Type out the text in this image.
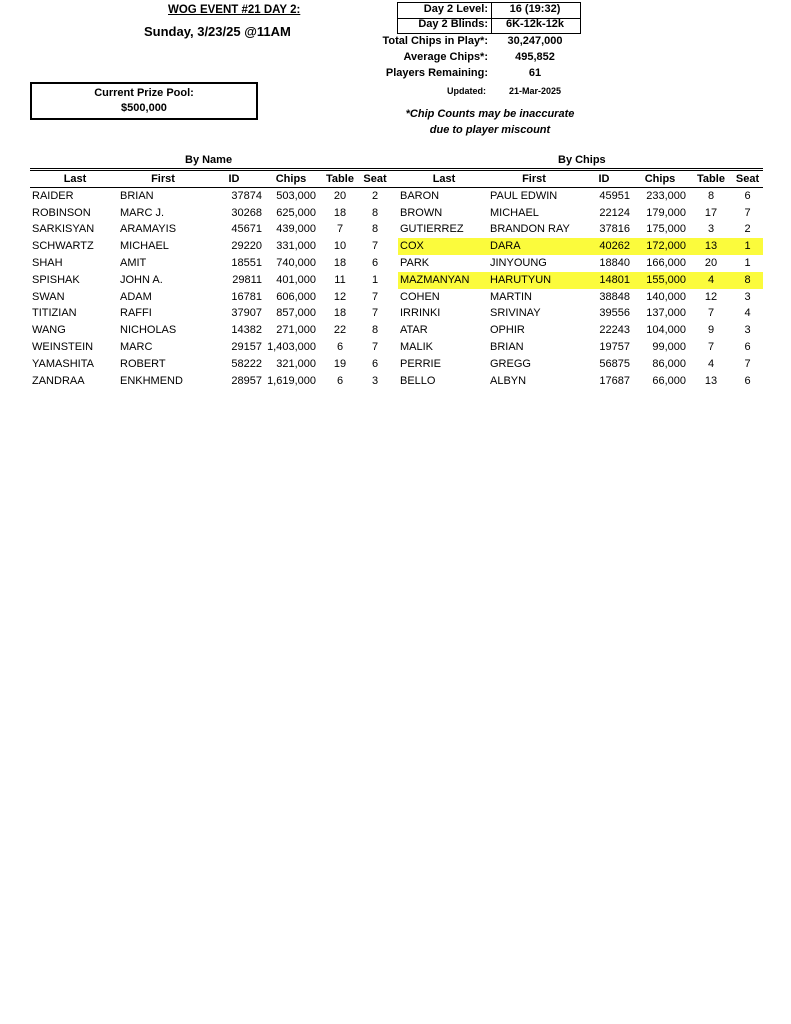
WOG EVENT #21 DAY 2:
Sunday, 3/23/25 @11AM
Current Prize Pool:
$500,000
Day 2 Level:	16 (19:32)
Day 2 Blinds:	6K-12k-12k
Total Chips in Play*:	30,247,000
Average Chips*:	495,852
Players Remaining:	61
Updated:	21-Mar-2025
*Chip Counts may be inaccurate
due to player miscount
By Name	By Chips
Last	First	ID	Chips	Table	Seat
RAIDER	BRIAN	37874	503,000	20	2
ROBINSON	MARC J.	30268	625,000	18	8
SARKISYAN	ARAMAYIS	45671	439,000	7	8
SCHWARTZ	MICHAEL	29220	331,000	10	7
SHAH	AMIT	18551	740,000	18	6
SPISHAK	JOHN A.	29811	401,000	11	1
SWAN	ADAM	16781	606,000	12	7
TITIZIAN	RAFFI	37907	857,000	18	7
WANG	NICHOLAS	14382	271,000	22	8
WEINSTEIN	MARC	29157	1,403,000	6	7
YAMASHITA	ROBERT	58222	321,000	19	6
ZANDRAA	ENKHMEND	28957	1,619,000	6	3
Last	First	ID	Chips	Table	Seat
BARON	PAUL EDWIN	45951	233,000	8	6
BROWN	MICHAEL	22124	179,000	17	7
GUTIERREZ	BRANDON RAY	37816	175,000	3	2
COX	DARA	40262	172,000	13	1
PARK	JINYOUNG	18840	166,000	20	1
MAZMANYAN	HARUTYUN	14801	155,000	4	8
COHEN	MARTIN	38848	140,000	12	3
IRRINKI	SRIVINAY	39556	137,000	7	4
ATAR	OPHIR	22243	104,000	9	3
MALIK	BRIAN	19757	99,000	7	6
PERRIE	GREGG	56875	86,000	4	7
BELLO	ALBYN	17687	66,000	13	6
